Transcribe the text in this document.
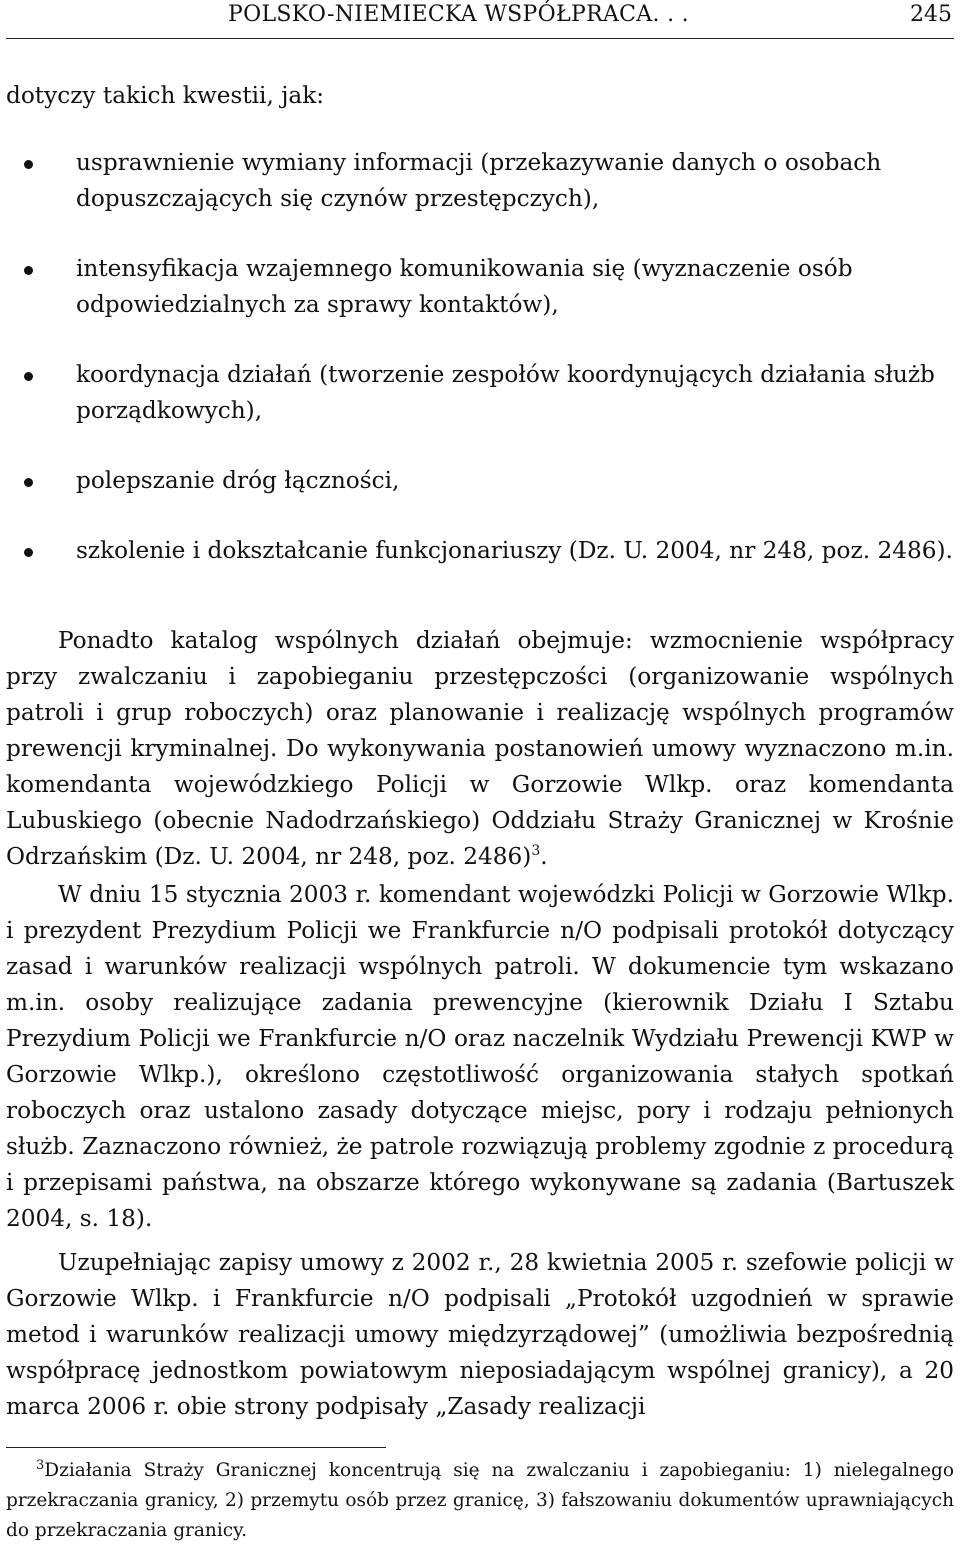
POLSKO-NIEMIECKA WSPÓŁPRACA. . .	245
dotyczy takich kwestii, jak:
usprawnienie wymiany informacji (przekazywanie danych o osobach dopuszczających się czynów przestępczych),
intensyfikacja wzajemnego komunikowania się (wyznaczenie osób odpowiedzialnych za sprawy kontaktów),
koordynacja działań (tworzenie zespołów koordynujących działania służb porządkowych),
polepszanie dróg łączności,
szkolenie i dokształcanie funkcjonariuszy (Dz. U. 2004, nr 248, poz. 2486).

Ponadto katalog wspólnych działań obejmuje: wzmocnienie współpracy przy zwalczaniu i zapobieganiu przestępczości (organizowanie wspólnych patroli i grup roboczych) oraz planowanie i realizację wspólnych programów prewencji kryminalnej. Do wykonywania postanowień umowy wyznaczono m.in. komendanta wojewódzkiego Policji w Gorzowie Wlkp. oraz komendanta Lubuskiego (obecnie Nadodrzańskiego) Oddziału Straży Granicznej w Krośnie Odrzańskim (Dz. U. 2004, nr 248, poz. 2486)$^3$.

W dniu 15 stycznia 2003 r. komendant wojewódzki Policji w Gorzowie Wlkp. i prezydent Prezydium Policji we Frankfurcie n/O podpisali protokół dotyczący zasad i warunków realizacji wspólnych patroli. W dokumencie tym wskazano m.in. osoby realizujące zadania prewencyjne (kierownik Działu I Sztabu Prezydium Policji we Frankfurcie n/O oraz naczelnik Wydziału Prewencji KWP w Gorzowie Wlkp.), określono częstotliwość organizowania stałych spotkań roboczych oraz ustalono zasady dotyczące miejsc, pory i rodzaju pełnionych służb. Zaznaczono również, że patrole rozwiązują problemy zgodnie z procedurą i przepisami państwa, na obszarze którego wykonywane są zadania (Bartuszek 2004, s. 18).

Uzupełniając zapisy umowy z 2002 r., 28 kwietnia 2005 r. szefowie policji w Gorzowie Wlkp. i Frankfurcie n/O podpisali „Protokół uzgodnień w sprawie metod i warunków realizacji umowy międzyrządowej” (umożliwia bezpośrednią współpracę jednostkom powiatowym nieposiadającym wspólnej granicy), a 20 marca 2006 r. obie strony podpisały „Zasady realizacji

$^3$Działania Straży Granicznej koncentrują się na zwalczaniu i zapobieganiu: 1) nielegalnego przekraczania granicy, 2) przemytu osób przez granicę, 3) fałszowaniu dokumentów uprawniających do przekraczania granicy.
